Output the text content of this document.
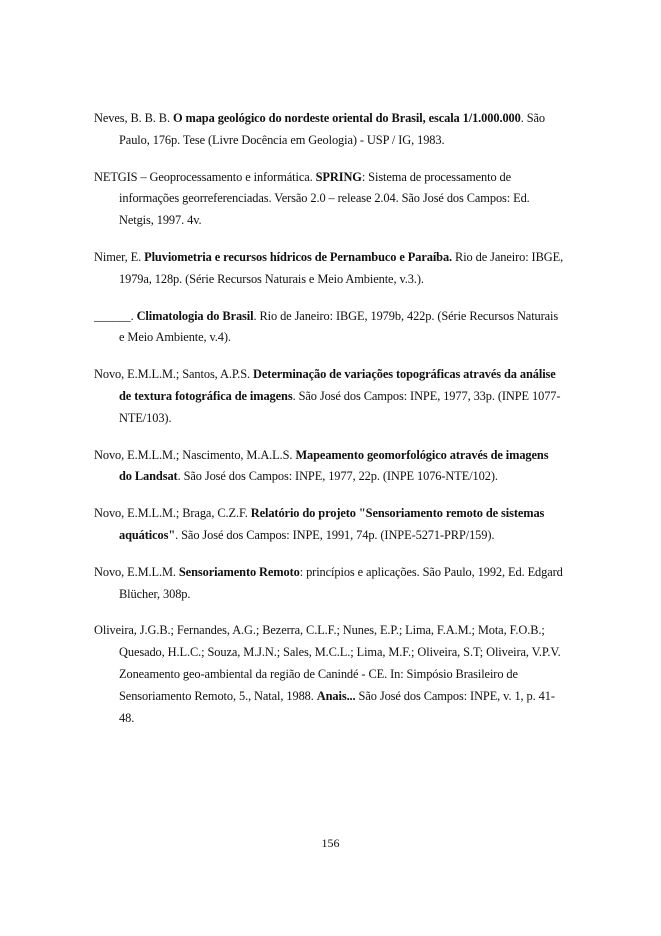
Neves, B. B. B. O mapa geológico do nordeste oriental do Brasil, escala 1/1.000.000. São Paulo, 176p. Tese (Livre Docência em Geologia) - USP / IG, 1983.

NETGIS – Geoprocessamento e informática. SPRING: Sistema de processamento de informações georreferenciadas. Versão 2.0 – release 2.04. São José dos Campos: Ed. Netgis, 1997. 4v.

Nimer, E. Pluviometria e recursos hídricos de Pernambuco e Paraíba. Rio de Janeiro: IBGE, 1979a, 128p. (Série Recursos Naturais e Meio Ambiente, v.3.).

______. Climatologia do Brasil. Rio de Janeiro: IBGE, 1979b, 422p. (Série Recursos Naturais e Meio Ambiente, v.4).

Novo, E.M.L.M.; Santos, A.P.S. Determinação de variações topográficas através da análise de textura fotográfica de imagens. São José dos Campos: INPE, 1977, 33p. (INPE 1077-NTE/103).

Novo, E.M.L.M.; Nascimento, M.A.L.S. Mapeamento geomorfológico através de imagens do Landsat. São José dos Campos: INPE, 1977, 22p. (INPE 1076-NTE/102).

Novo, E.M.L.M.; Braga, C.Z.F. Relatório do projeto "Sensoriamento remoto de sistemas aquáticos". São José dos Campos: INPE, 1991, 74p. (INPE-5271-PRP/159).

Novo, E.M.L.M. Sensoriamento Remoto: princípios e aplicações. São Paulo, 1992, Ed. Edgard Blücher, 308p.

Oliveira, J.G.B.; Fernandes, A.G.; Bezerra, C.L.F.; Nunes, E.P.; Lima, F.A.M.; Mota, F.O.B.; Quesado, H.L.C.; Souza, M.J.N.; Sales, M.C.L.; Lima, M.F.; Oliveira, S.T; Oliveira, V.P.V. Zoneamento geo-ambiental da região de Canindé - CE. In: Simpósio Brasileiro de Sensoriamento Remoto, 5., Natal, 1988. Anais... São José dos Campos: INPE, v. 1, p. 41-48.

156
